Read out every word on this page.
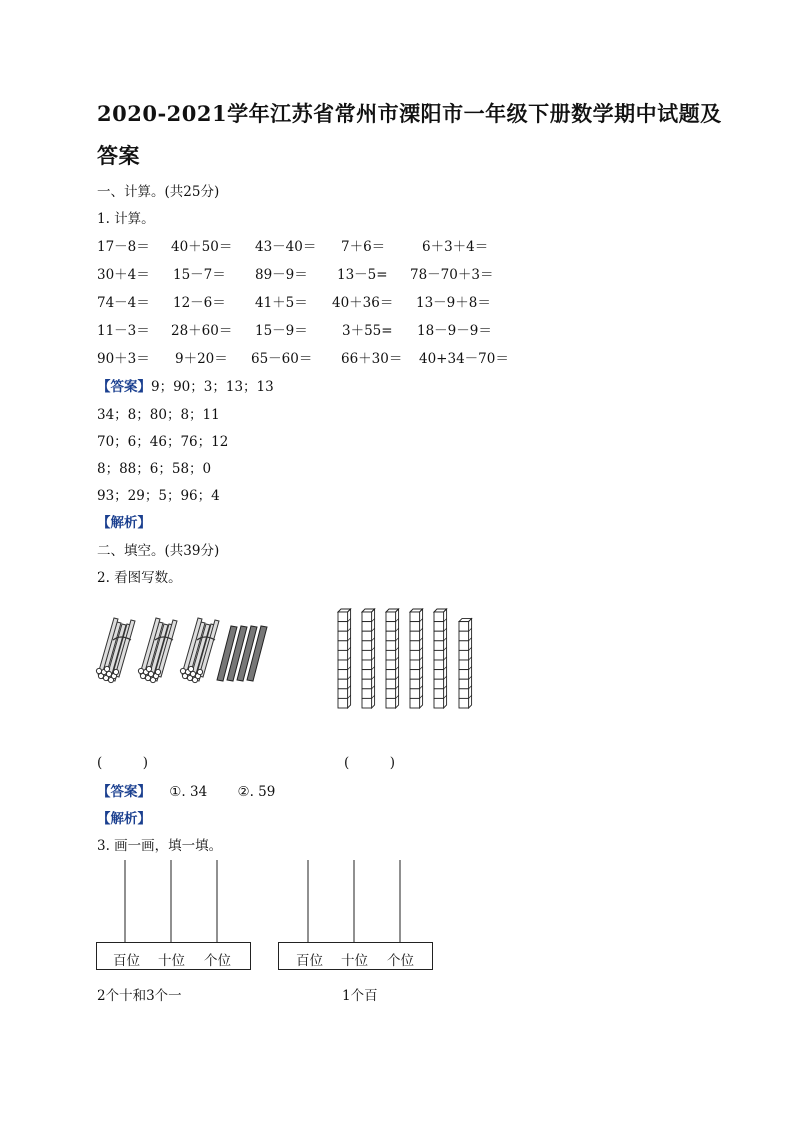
2020-2021学年江苏省常州市溧阳市一年级下册数学期中试题及
答案
一、计算。(共25分)
1. 计算。
17－8＝ 40＋50＝ 43－40＝ 7＋6＝	6＋3＋4＝
30＋4＝ 15－7＝ 89－9＝ 13－5= 78－70＋3＝
74－4＝ 12－6＝ 41＋5＝ 40＋36＝ 13－9＋8＝
11－3＝ 28＋60＝ 15－9＝	3＋55= 18－9－9＝
90＋3＝ 9＋20＝ 65－60＝ 66＋30＝ 40+34－70＝
【答案】9；90；3；13；13
34；8；80；8；11
70；6；46；76；12
8；88；6；58；0
93；29；5；96；4
【解析】
二、填空。(共39分)
2. 看图写数。
(　　　)	(　　　)
【答案】 ①. 34 ②. 59
【解析】
3. 画一画，填一填。
百位 十位 个位	百位 十位 个位
2个十和3个一	1个百
